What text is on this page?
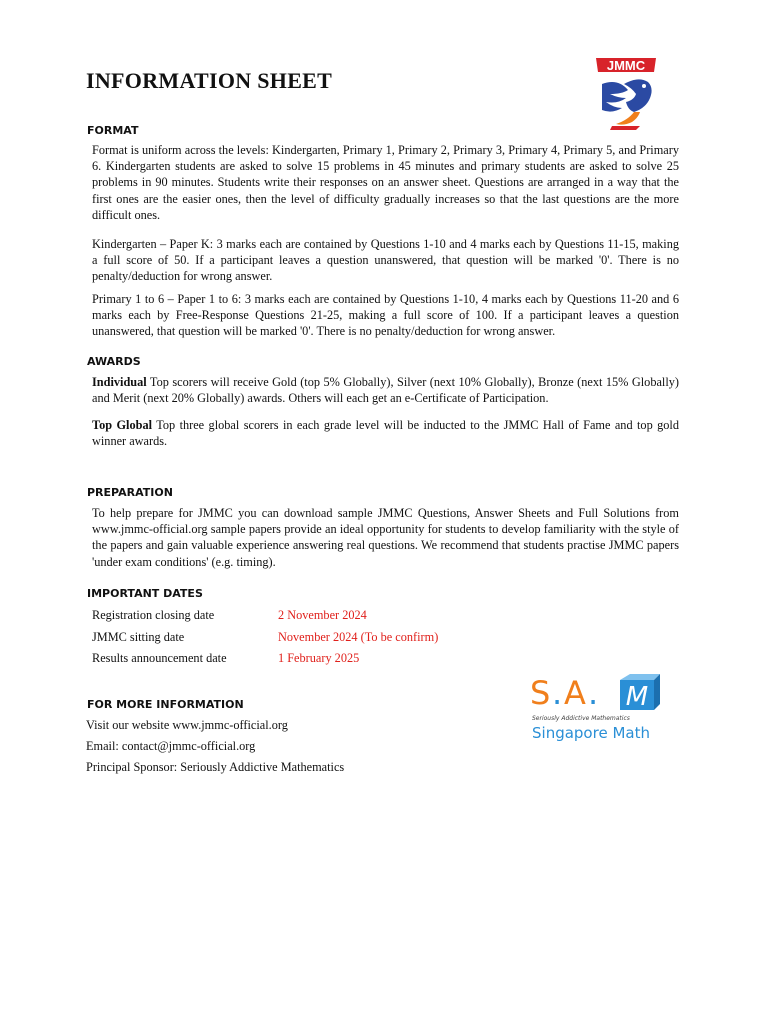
INFORMATION SHEET
JMMC

FORMAT

Format is uniform across the levels: Kindergarten, Primary 1, Primary 2, Primary 3, Primary 4, Primary 5, and Primary 6. Kindergarten students are asked to solve 15 problems in 45 minutes and primary students are asked to solve 25 problems in 90 minutes. Students write their responses on an answer sheet. Questions are arranged in a way that the first ones are the easier ones, then the level of difficulty gradually increases so that the last questions are the more difficult ones.

Kindergarten – Paper K: 3 marks each are contained by Questions 1-10 and 4 marks each by Questions 11-15, making a full score of 50. If a participant leaves a question unanswered, that question will be marked '0'. There is no penalty/deduction for wrong answer.

Primary 1 to 6 – Paper 1 to 6: 3 marks each are contained by Questions 1-10, 4 marks each by Questions 11-20 and 6 marks each by Free-Response Questions 21-25, making a full score of 100. If a participant leaves a question unanswered, that question will be marked '0'. There is no penalty/deduction for wrong answer.

AWARDS

Individual Top scorers will receive Gold (top 5% Globally), Silver (next 10% Globally), Bronze (next 15% Globally) and Merit (next 20% Globally) awards. Others will each get an e-Certificate of Participation.

Top Global Top three global scorers in each grade level will be inducted to the JMMC Hall of Fame and top gold winner awards.

PREPARATION

To help prepare for JMMC you can download sample JMMC Questions, Answer Sheets and Full Solutions from www.jmmc-official.org sample papers provide an ideal opportunity for students to develop familiarity with the style of the papers and gain valuable experience answering real questions. We recommend that students practise JMMC papers 'under exam conditions' (e.g. timing).

IMPORTANT DATES

Registration closing date	2 November 2024
JMMC sitting date	November 2024 (To be confirm)
Results announcement date	1 February 2025

FOR MORE INFORMATION

Visit our website www.jmmc-official.org
Email: contact@jmmc-official.org
Principal Sponsor: Seriously Addictive Mathematics
S . A . M
Seriously Addictive Mathematics
Singapore Math
